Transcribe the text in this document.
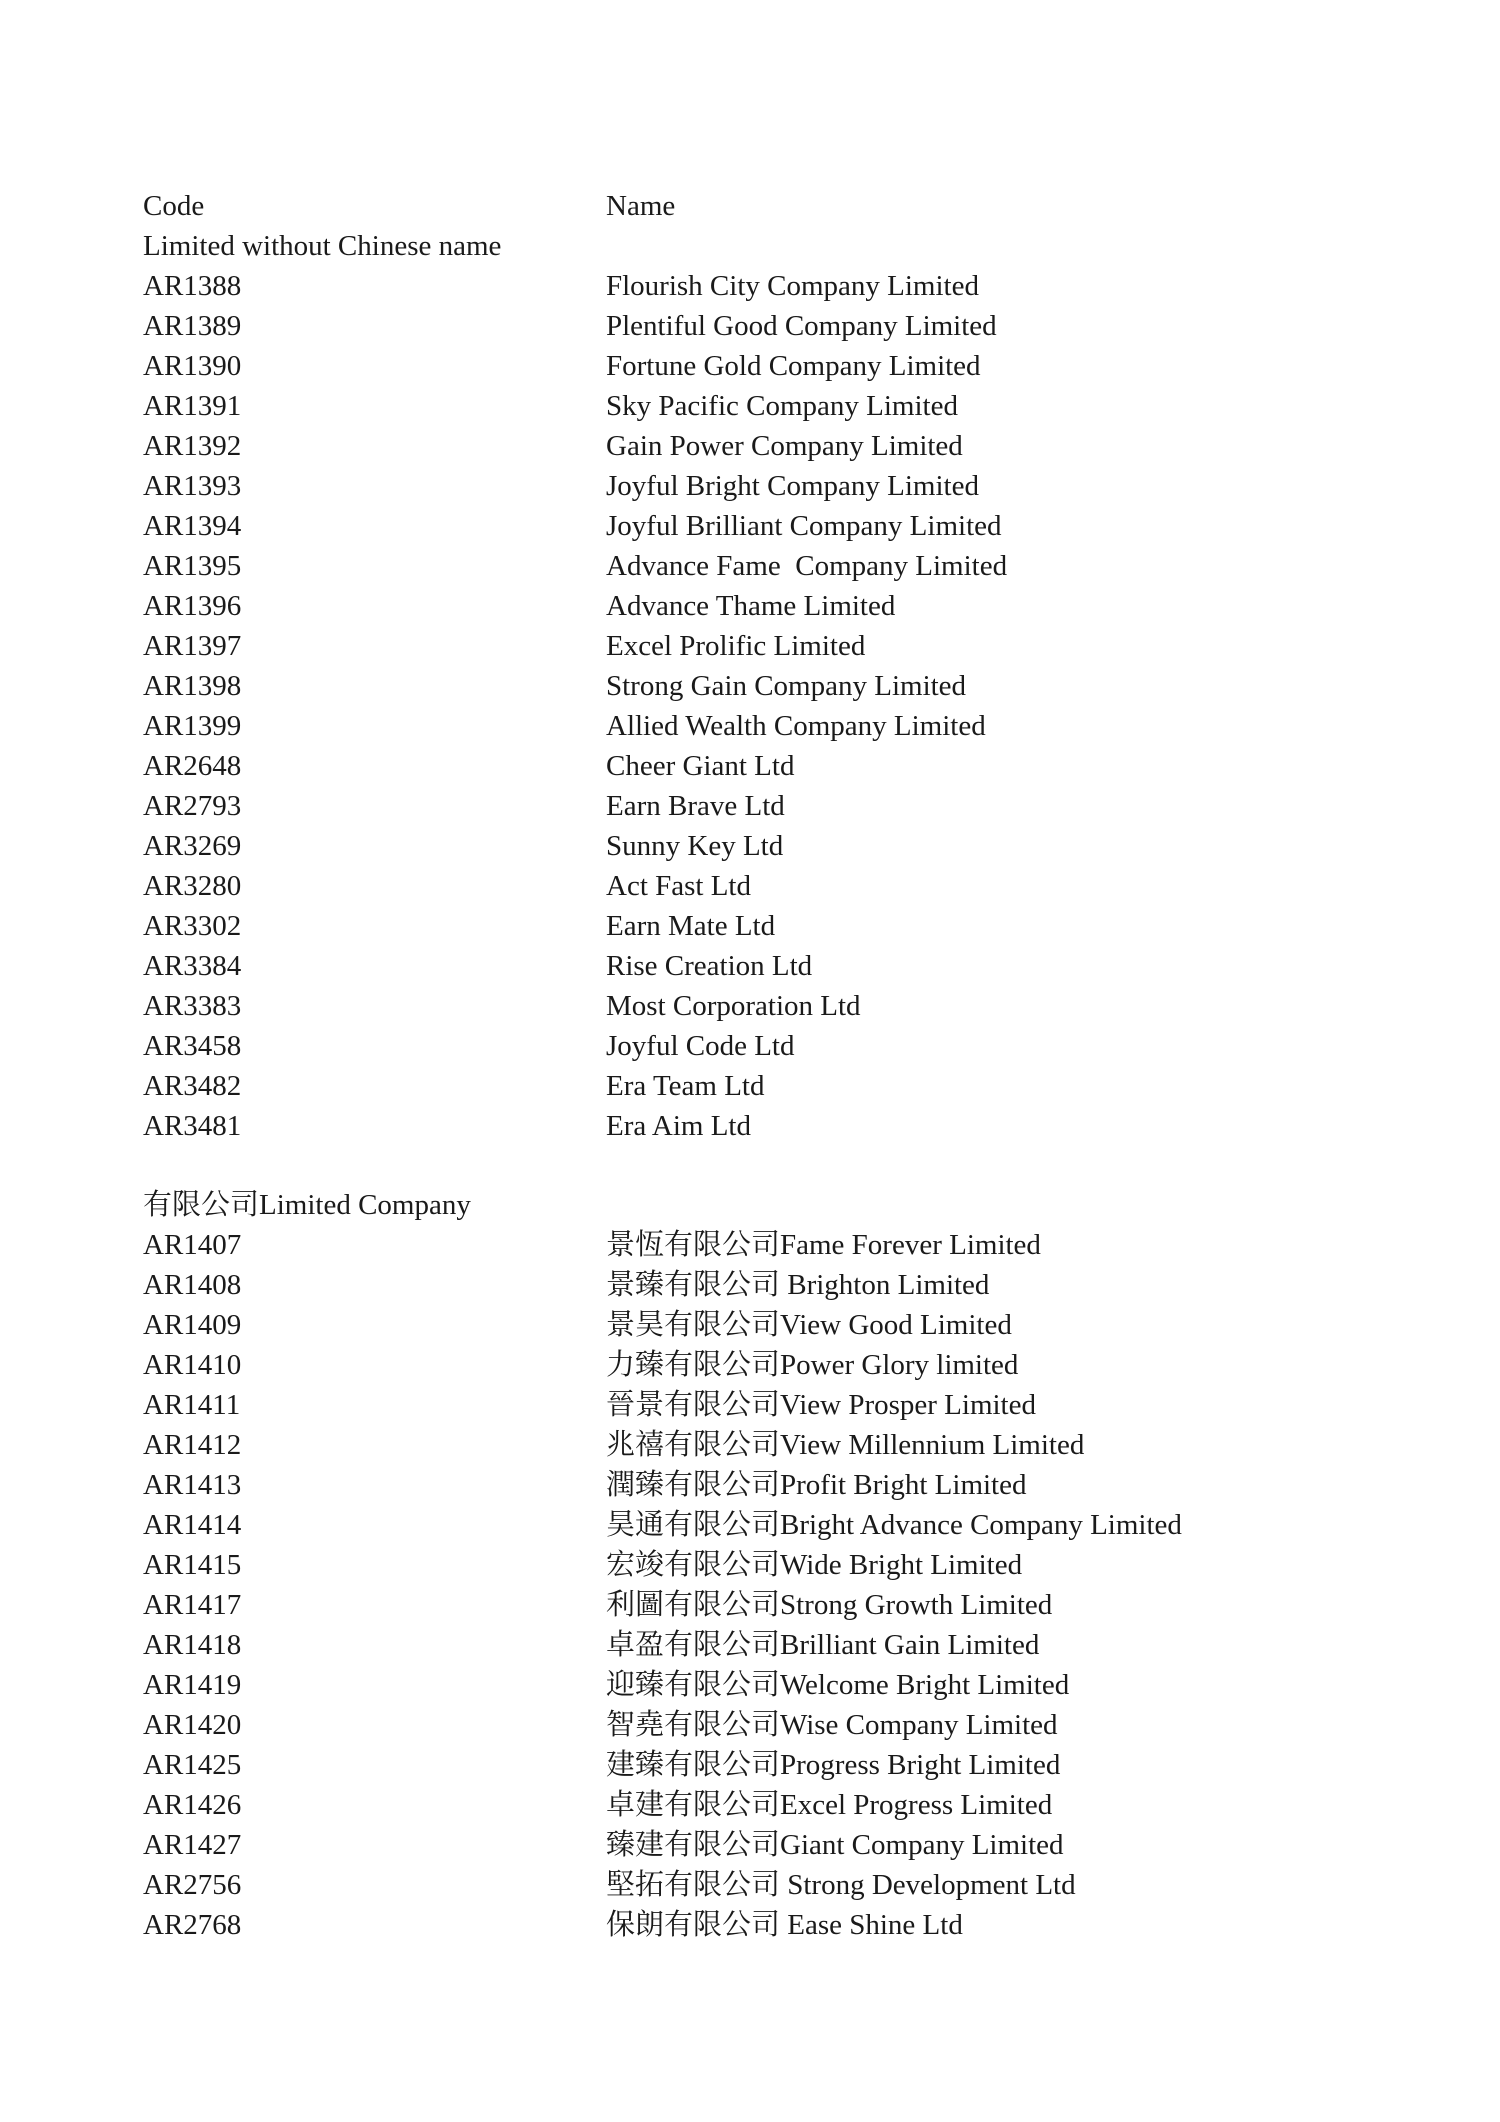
Code	Name
Limited without Chinese name
AR1388	Flourish City Company Limited
AR1389	Plentiful Good Company Limited
AR1390	Fortune Gold Company Limited
AR1391	Sky Pacific Company Limited
AR1392	Gain Power Company Limited
AR1393	Joyful Bright Company Limited
AR1394	Joyful Brilliant Company Limited
AR1395	Advance Fame  Company Limited
AR1396	Advance Thame Limited
AR1397	Excel Prolific Limited
AR1398	Strong Gain Company Limited
AR1399	Allied Wealth Company Limited
AR2648	Cheer Giant Ltd
AR2793	Earn Brave Ltd
AR3269	Sunny Key Ltd
AR3280	Act Fast Ltd
AR3302	Earn Mate Ltd
AR3384	Rise Creation Ltd
AR3383	Most Corporation Ltd
AR3458	Joyful Code Ltd
AR3482	Era Team Ltd
AR3481	Era Aim Ltd
有限公司Limited Company
AR1407	景恆有限公司Fame Forever Limited
AR1408	景臻有限公司 Brighton Limited
AR1409	景昊有限公司View Good Limited
AR1410	力臻有限公司Power Glory limited
AR1411	晉景有限公司View Prosper Limited
AR1412	兆禧有限公司View Millennium Limited
AR1413	潤臻有限公司Profit Bright Limited
AR1414	昊通有限公司Bright Advance Company Limited
AR1415	宏竣有限公司Wide Bright Limited
AR1417	利圖有限公司Strong Growth Limited
AR1418	卓盈有限公司Brilliant Gain Limited
AR1419	迎臻有限公司Welcome Bright Limited
AR1420	智堯有限公司Wise Company Limited
AR1425	建臻有限公司Progress Bright Limited
AR1426	卓建有限公司Excel Progress Limited
AR1427	臻建有限公司Giant Company Limited
AR2756	堅拓有限公司 Strong Development Ltd
AR2768	保朗有限公司 Ease Shine Ltd
